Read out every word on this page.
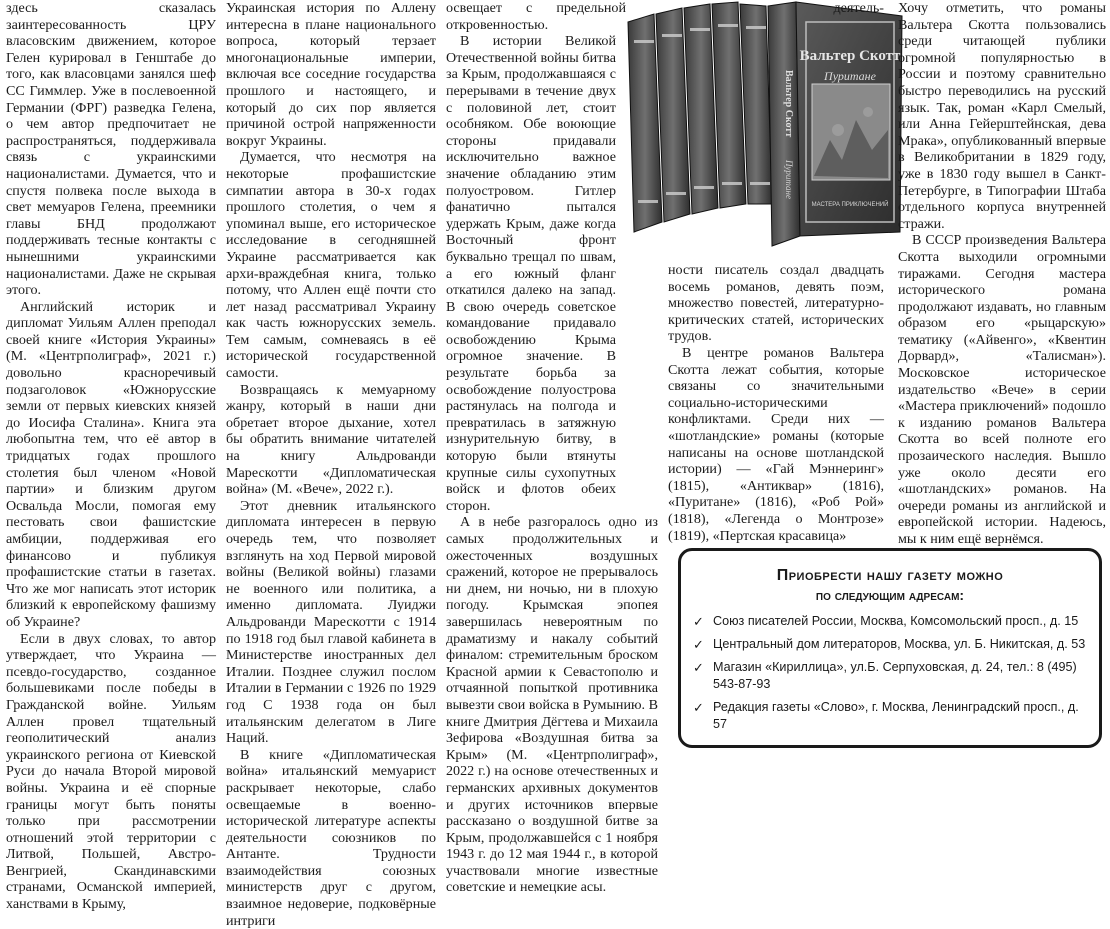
здесь сказалась заинтересованность ЦРУ власовским движением, которое Гелен курировал в Генштабе до того, как власовцами занялся шеф СС Гиммлер. Уже в послевоенной Германии (ФРГ) разведка Гелена, о чем автор предпочитает не распространяться, поддерживала связь с украинскими националистами. Думается, что и спустя полвека после выхода в свет мемуаров Гелена, преемники главы БНД продолжают поддерживать тесные контакты с нынешними украинскими националистами. Даже не скрывая этого.

Английский историк и дипломат Уильям Аллен преподал своей книге «История Украины» (М. «Центрполиграф», 2021 г.) довольно красноречивый подзаголовок «Южнорусские земли от первых киевских князей до Иосифа Сталина». Книга эта любопытна тем, что её автор в тридцатых годах прошлого столетия был членом «Новой партии» и близким другом Освальда Мосли, помогая ему пестовать свои фашистские амбиции, поддерживая его финансово и публикуя профашистские статьи в газетах. Что же мог написать этот историк близкий к европейскому фашизму об Украине?

Если в двух словах, то автор утверждает, что Украина — псевдо-государство, созданное большевиками после победы в Гражданской войне. Уильям Аллен провел тщательный геополитический анализ украинского региона от Киевской Руси до начала Второй мировой войны. Украина и её спорные границы могут быть поняты только при рассмотрении отношений этой территории с Литвой, Польшей, Австро-Венгрией, Скандинавскими странами, Османской империей, ханствами в Крыму,

Украинская история по Аллену интересна в плане национального вопроса, который терзает многонациональные империи, включая все соседние государства прошлого и настоящего, и который до сих пор является причиной острой напряженности вокруг Украины.

Думается, что несмотря на некоторые профашистские симпатии автора в 30-х годах прошлого столетия, о чем я упоминал выше, его историческое исследование в сегодняшней Украине рассматривается как архи-враждебная книга, только потому, что Аллен ещё почти сто лет назад рассматривал Украину как часть южнорусских земель. Тем самым, сомневаясь в её исторической государственной самости.

Возвращаясь к мемуарному жанру, который в наши дни обретает второе дыхание, хотел бы обратить внимание читателей на книгу Альдрованди Марескотти «Дипломатическая война» (М. «Вече», 2022 г.).

Этот дневник итальянского дипломата интересен в первую очередь тем, что позволяет взглянуть на ход Первой мировой войны (Великой войны) глазами не военного или политика, а именно дипломата. Луиджи Альдрованди Марескотти с 1914 по 1918 год был главой кабинета в Министерстве иностранных дел Италии. Позднее служил послом Италии в Германии с 1926 по 1929 год С 1938 года он был итальянским делегатом в Лиге Наций.

В книге «Дипломатическая война» итальянский мемуарист раскрывает некоторые, слабо освещаемые в военно-исторической литературе аспекты деятельности союзников по Антанте. Трудности взаимодействия союзных министерств друг с другом, взаимное недоверие, подковёрные интриги

освещает с предельной откровенностью.

В истории Великой Отечественной войны битва за Крым, продолжавшаяся с перерывами в течение двух с половиной лет, стоит особняком. Обе воюющие стороны придавали исключительно важное значение обладанию этим полуостровом. Гитлер фанатично пытался удержать Крым, даже когда Восточный фронт буквально трещал по швам, а его южный фланг откатился далеко на запад. В свою очередь советское командование придавало освобождению Крыма огромное значение. В результате борьба за освобождение полуострова растянулась на полгода и превратилась в затяжную изнурительную битву, в которую были втянуты крупные силы сухопутных войск и флотов обеих сторон.

А в небе разгоралось одно из самых продолжительных и ожесточенных воздушных сражений, которое не прерывалось ни днем, ни ночью, ни в плохую погоду. Крымская эпопея завершилась невероятным по драматизму и накалу событий финалом: стремительным броском Красной армии к Севастополю и отчаянной попыткой противника вывезти свои войска в Румынию. В книге Дмитрия Дёгтева и Михаила Зефирова «Воздушная битва за Крым» (М. «Центрполиграф», 2022 г.) на основе отечественных и германских архивных документов и других источников впервые рассказано о воздушной битве за Крым, продолжавшейся с 1 ноября 1943 г. до 12 мая 1944 г., в которой участвовали многие известные советские и немецкие асы.

Вальтер Скотт
Пуритане
МАСТЕРА ПРИКЛЮЧЕНИЙ
Вальтер Скотт
Пуритане
деятель-

ности писатель создал двадцать восемь романов, девять поэм, множество повестей, литературно-критических статей, исторических трудов.

В центре романов Вальтера Скотта лежат события, которые связаны со значительными социально-историческими конфликтами. Среди них — «шотландские» романы (которые написаны на основе шотландской истории) — «Гай Мэннеринг» (1815), «Антиквар» (1816), «Пуритане» (1816), «Роб Рой» (1818), «Легенда о Монтрозе» (1819), «Пертская красавица»

Хочу отметить, что романы Вальтера Скотта пользовались среди читающей публики огромной популярностью в России и поэтому сравнительно быстро переводились на русский язык. Так, роман «Карл Смелый, или Анна Гейерштейнская, дева Мрака», опубликованный впервые в Великобритании в 1829 году, уже в 1830 году вышел в Санкт-Петербурге, в Типографии Штаба отдельного корпуса внутренней стражи.

В СССР произведения Вальтера Скотта выходили огромными тиражами. Сегодня мастера исторического романа продолжают издавать, но главным образом его «рыцарскую» тематику («Айвенго», «Квентин Дорвард», «Талисман»). Московское историческое издательство «Вече» в серии «Мастера приключений» подошло к изданию романов Вальтера Скотта во всей полноте его прозаического наследия. Вышло уже около десяти его «шотландских» романов. На очереди романы из английской и европейской истории. Надеюсь, мы к ним ещё вернёмся.

Приобрести нашу газету можно
по следующим адресам:
✓ Союз писателей России, Москва, Комсомольский просп., д. 15
✓ Центральный дом литераторов, Москва, ул. Б. Никитская, д. 53
✓ Магазин «Кириллица», ул.Б. Серпуховская, д. 24, тел.: 8 (495) 543-87-93
✓ Редакция газеты «Слово», г. Москва, Ленинградский просп., д. 57
